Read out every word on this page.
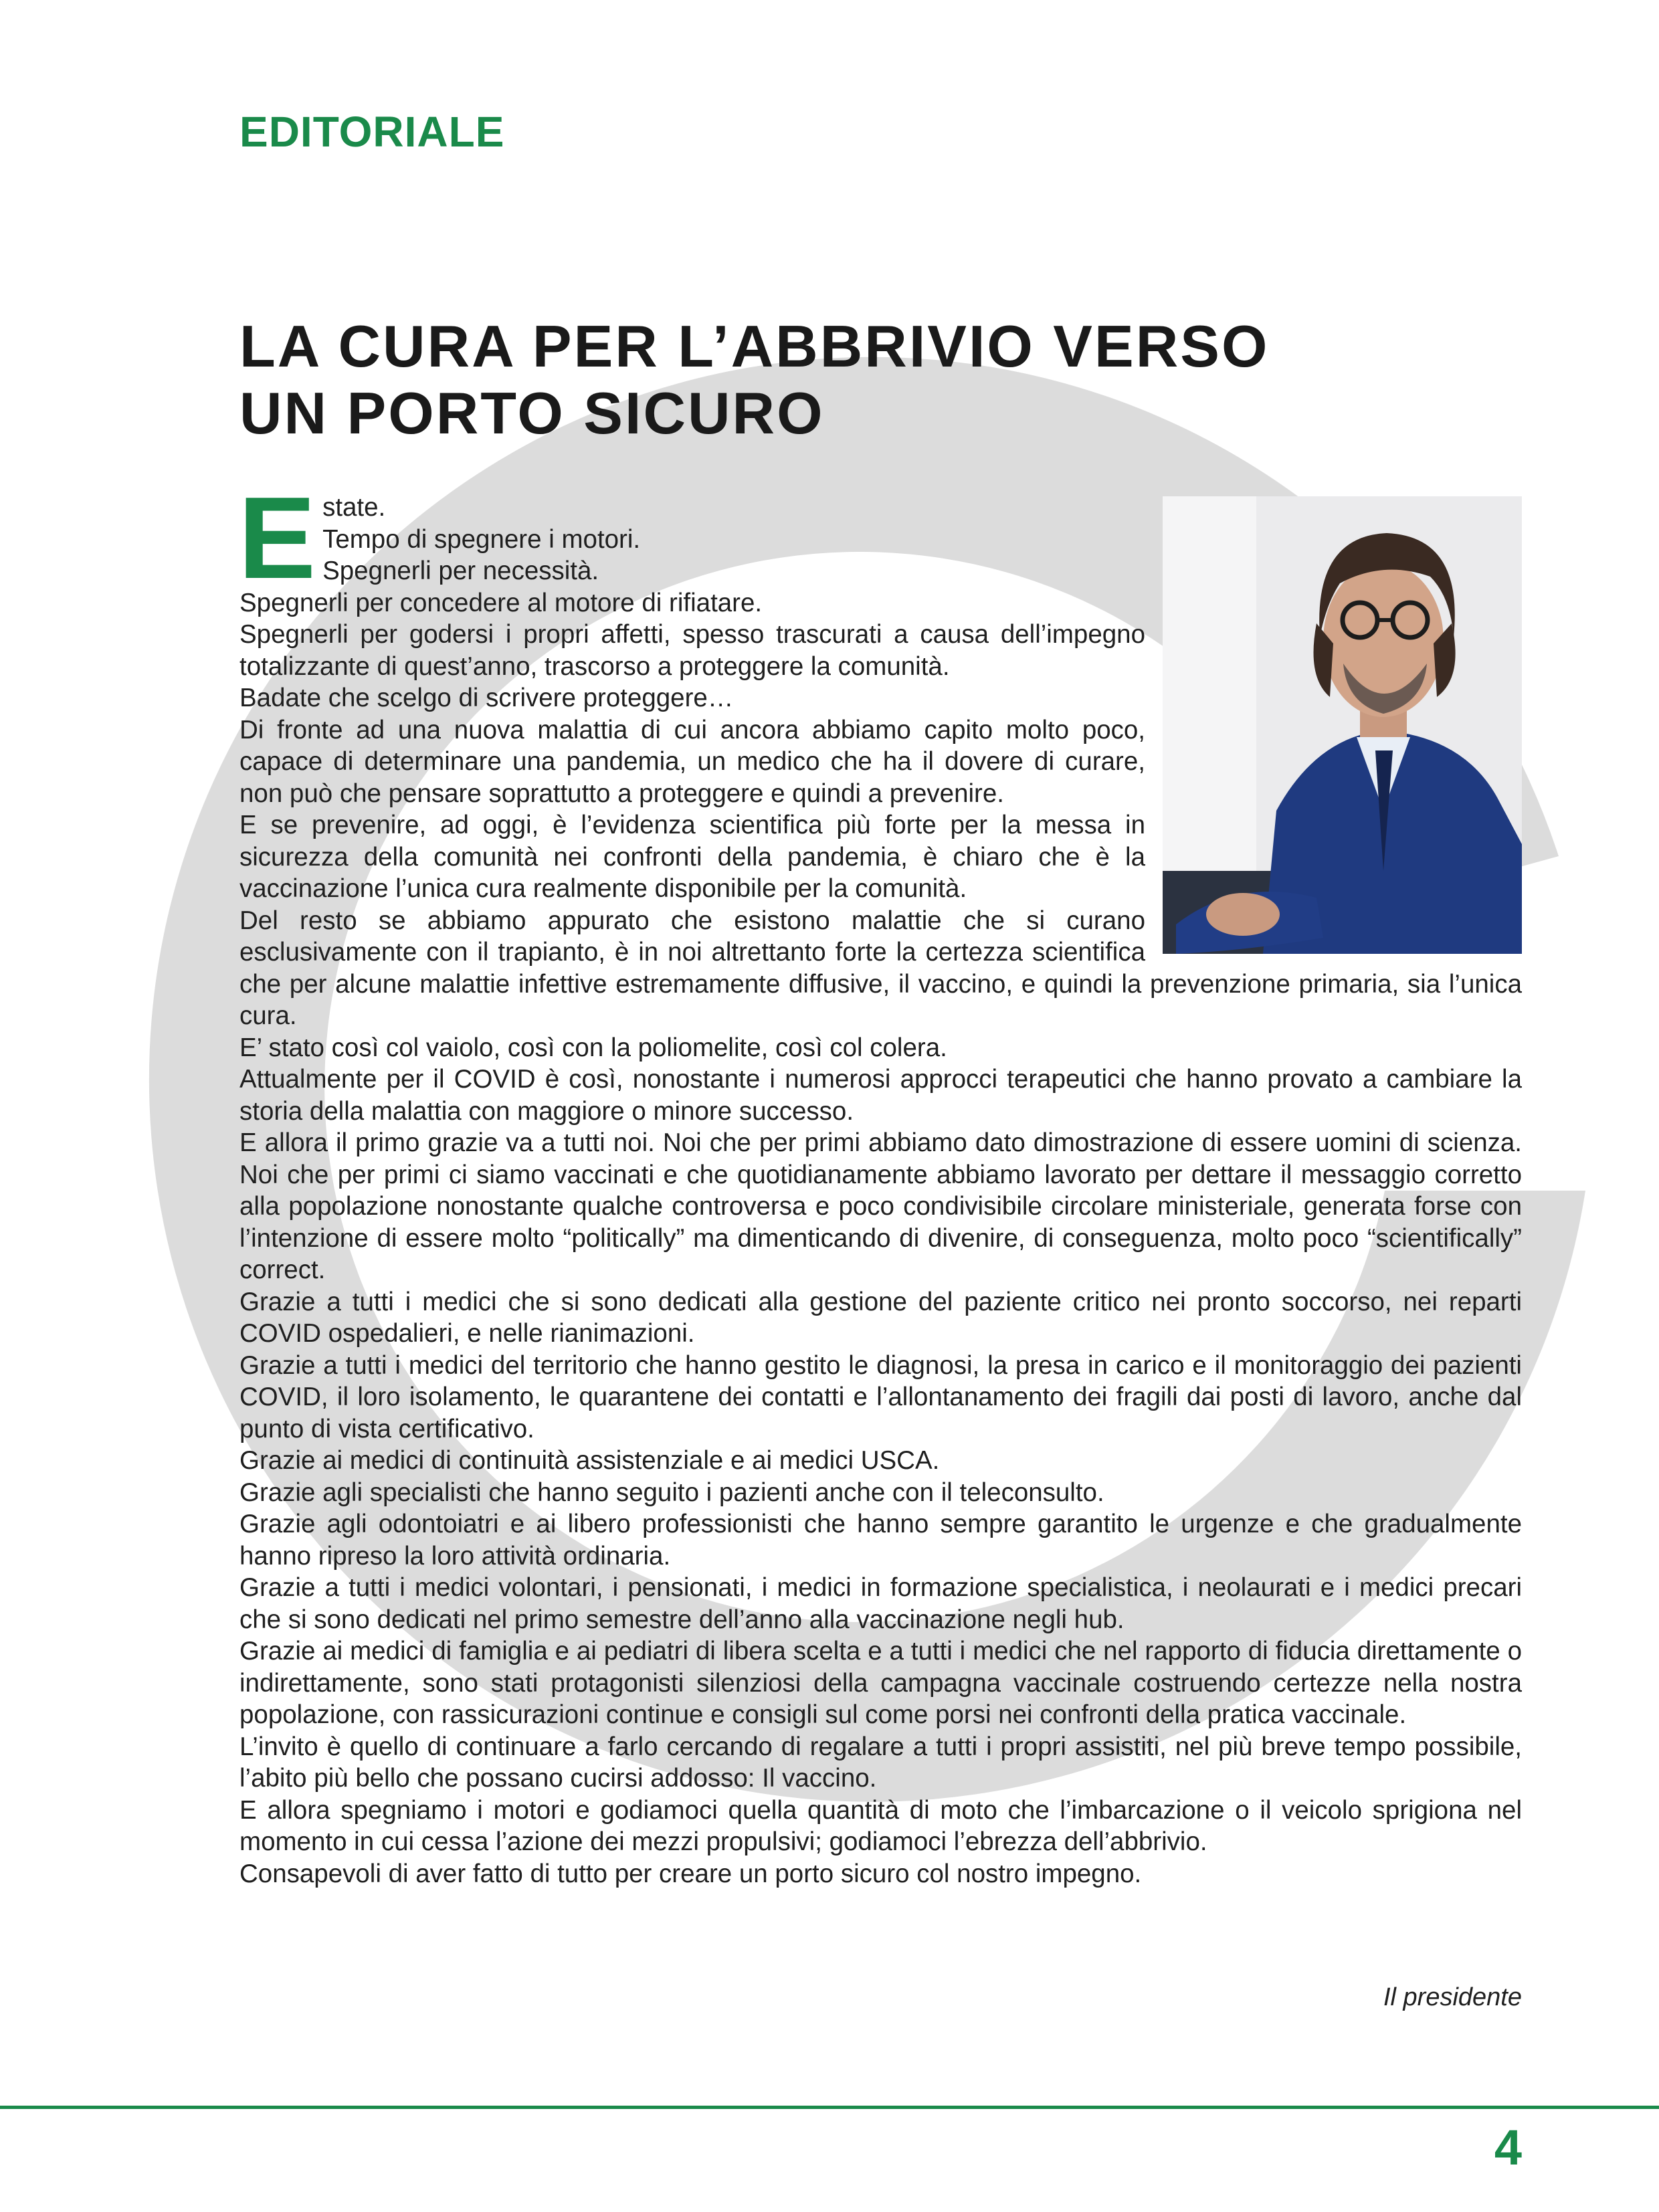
EDITORIALE
LA CURA PER L’ABBRIVIO VERSO
UN PORTO SICURO

Estate.

Tempo di spegnere i motori.

Spegnerli per necessità.

Spegnerli per concedere al motore di rifiatare.

Spegnerli per godersi i propri affetti, spesso trascurati a causa dell’impegno totalizzante di quest’anno, trascorso a proteggere la comunità.

Badate che scelgo di scrivere proteggere…

Di fronte ad una nuova malattia di cui ancora abbiamo capito molto poco, capace di determinare una pandemia, un medico che ha il dovere di curare, non può che pensare soprattutto a proteggere e quindi a prevenire.

E se prevenire, ad oggi, è l’evidenza scientifica più forte per la messa in sicurezza della comunità nei confronti della pandemia, è chiaro che è la vaccinazione l’unica cura realmente disponibile per la comunità.

Del resto se abbiamo appurato che esistono malattie che si curano esclusivamente con il trapianto, è in noi altrettanto forte la certezza scientifica che per alcune malattie infettive estremamente diffusive, il vaccino, e quindi la prevenzione primaria, sia l’unica cura.

E’ stato così col vaiolo, così con la poliomelite, così col colera.

Attualmente per il COVID è così, nonostante i numerosi approcci terapeutici che hanno provato a cambiare la storia della malattia con maggiore o minore successo.

E allora il primo grazie va a tutti noi. Noi che per primi abbiamo dato dimostrazione di essere uomini di scienza. Noi che per primi ci siamo vaccinati e che quotidianamente abbiamo lavorato per dettare il messaggio corretto alla popolazione nonostante qualche controversa e poco condivisibile circolare ministeriale, generata forse con l’intenzione di essere molto “politically” ma dimenticando di divenire, di conseguenza, molto poco “scientifically” correct.

Grazie a tutti i medici che si sono dedicati alla gestione del paziente critico nei pronto soccorso, nei reparti COVID ospedalieri, e nelle rianimazioni.

Grazie a tutti i medici del territorio che hanno gestito le diagnosi, la presa in carico e il monitoraggio dei pazienti COVID, il loro isolamento, le quarantene dei contatti e l’allontanamento dei fragili dai posti di lavoro, anche dal punto di vista certificativo.

Grazie ai medici di continuità assistenziale e ai medici USCA.

Grazie agli specialisti che hanno seguito i pazienti anche con il teleconsulto.

Grazie agli odontoiatri e ai libero professionisti che hanno sempre garantito le urgenze e che gradualmente hanno ripreso la loro attività ordinaria.

Grazie a tutti i medici volontari, i pensionati, i medici in formazione specialistica, i neolaurati e i medici precari che si sono dedicati nel primo semestre dell’anno alla vaccinazione negli hub.

Grazie ai medici di famiglia e ai pediatri di libera scelta e a tutti i medici che nel rapporto di fiducia direttamente o indirettamente, sono stati protagonisti silenziosi della campagna vaccinale costruendo certezze nella nostra popolazione, con rassicurazioni continue e consigli sul come porsi nei confronti della pratica vaccinale.

L’invito è quello di continuare a farlo cercando di regalare a tutti i propri assistiti, nel più breve tempo possibile, l’abito più bello che possano cucirsi addosso: Il vaccino.

E allora spegniamo i motori e godiamoci quella quantità di moto che l’imbarcazione o il veicolo sprigiona nel momento in cui cessa l’azione dei mezzi propulsivi; godiamoci l’ebrezza dell’abbrivio.

Consapevoli di aver fatto di tutto per creare un porto sicuro col nostro impegno.

Il presidente

4
